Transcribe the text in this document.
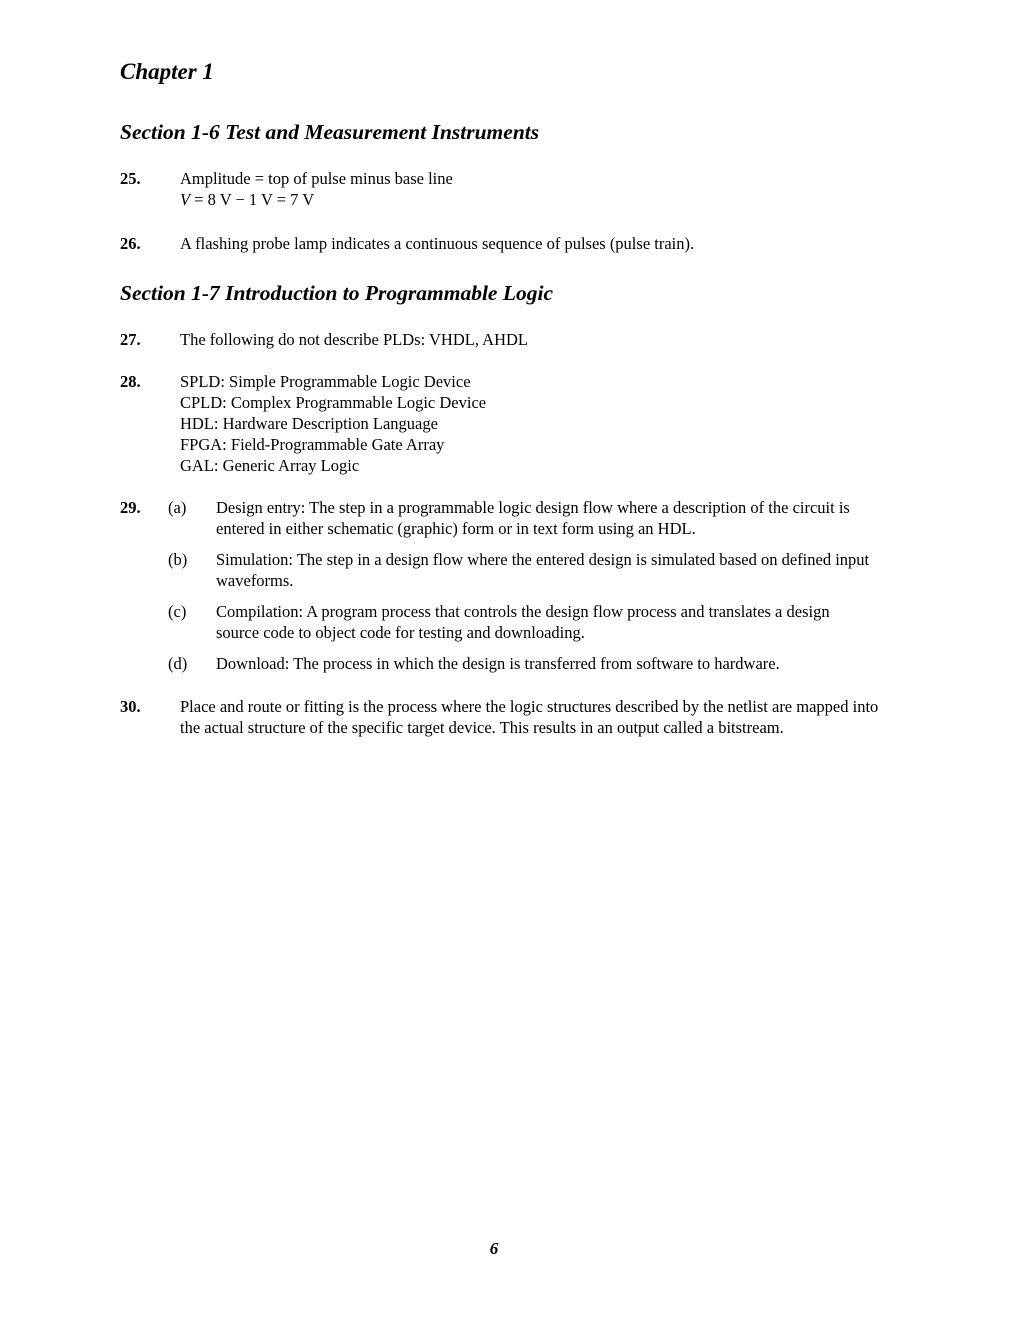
Chapter 1
Section 1-6 Test and Measurement Instruments
25. Amplitude = top of pulse minus base line
V = 8 V − 1 V = 7 V
26. A flashing probe lamp indicates a continuous sequence of pulses (pulse train).
Section 1-7 Introduction to Programmable Logic
27. The following do not describe PLDs: VHDL, AHDL
28. SPLD: Simple Programmable Logic Device
CPLD: Complex Programmable Logic Device
HDL: Hardware Description Language
FPGA: Field-Programmable Gate Array
GAL: Generic Array Logic
29. (a) Design entry: The step in a programmable logic design flow where a description of the circuit is entered in either schematic (graphic) form or in text form using an HDL.
(b) Simulation: The step in a design flow where the entered design is simulated based on defined input waveforms.
(c) Compilation: A program process that controls the design flow process and translates a design source code to object code for testing and downloading.
(d) Download: The process in which the design is transferred from software to hardware.
30. Place and route or fitting is the process where the logic structures described by the netlist are mapped into the actual structure of the specific target device. This results in an output called a bitstream.
6
